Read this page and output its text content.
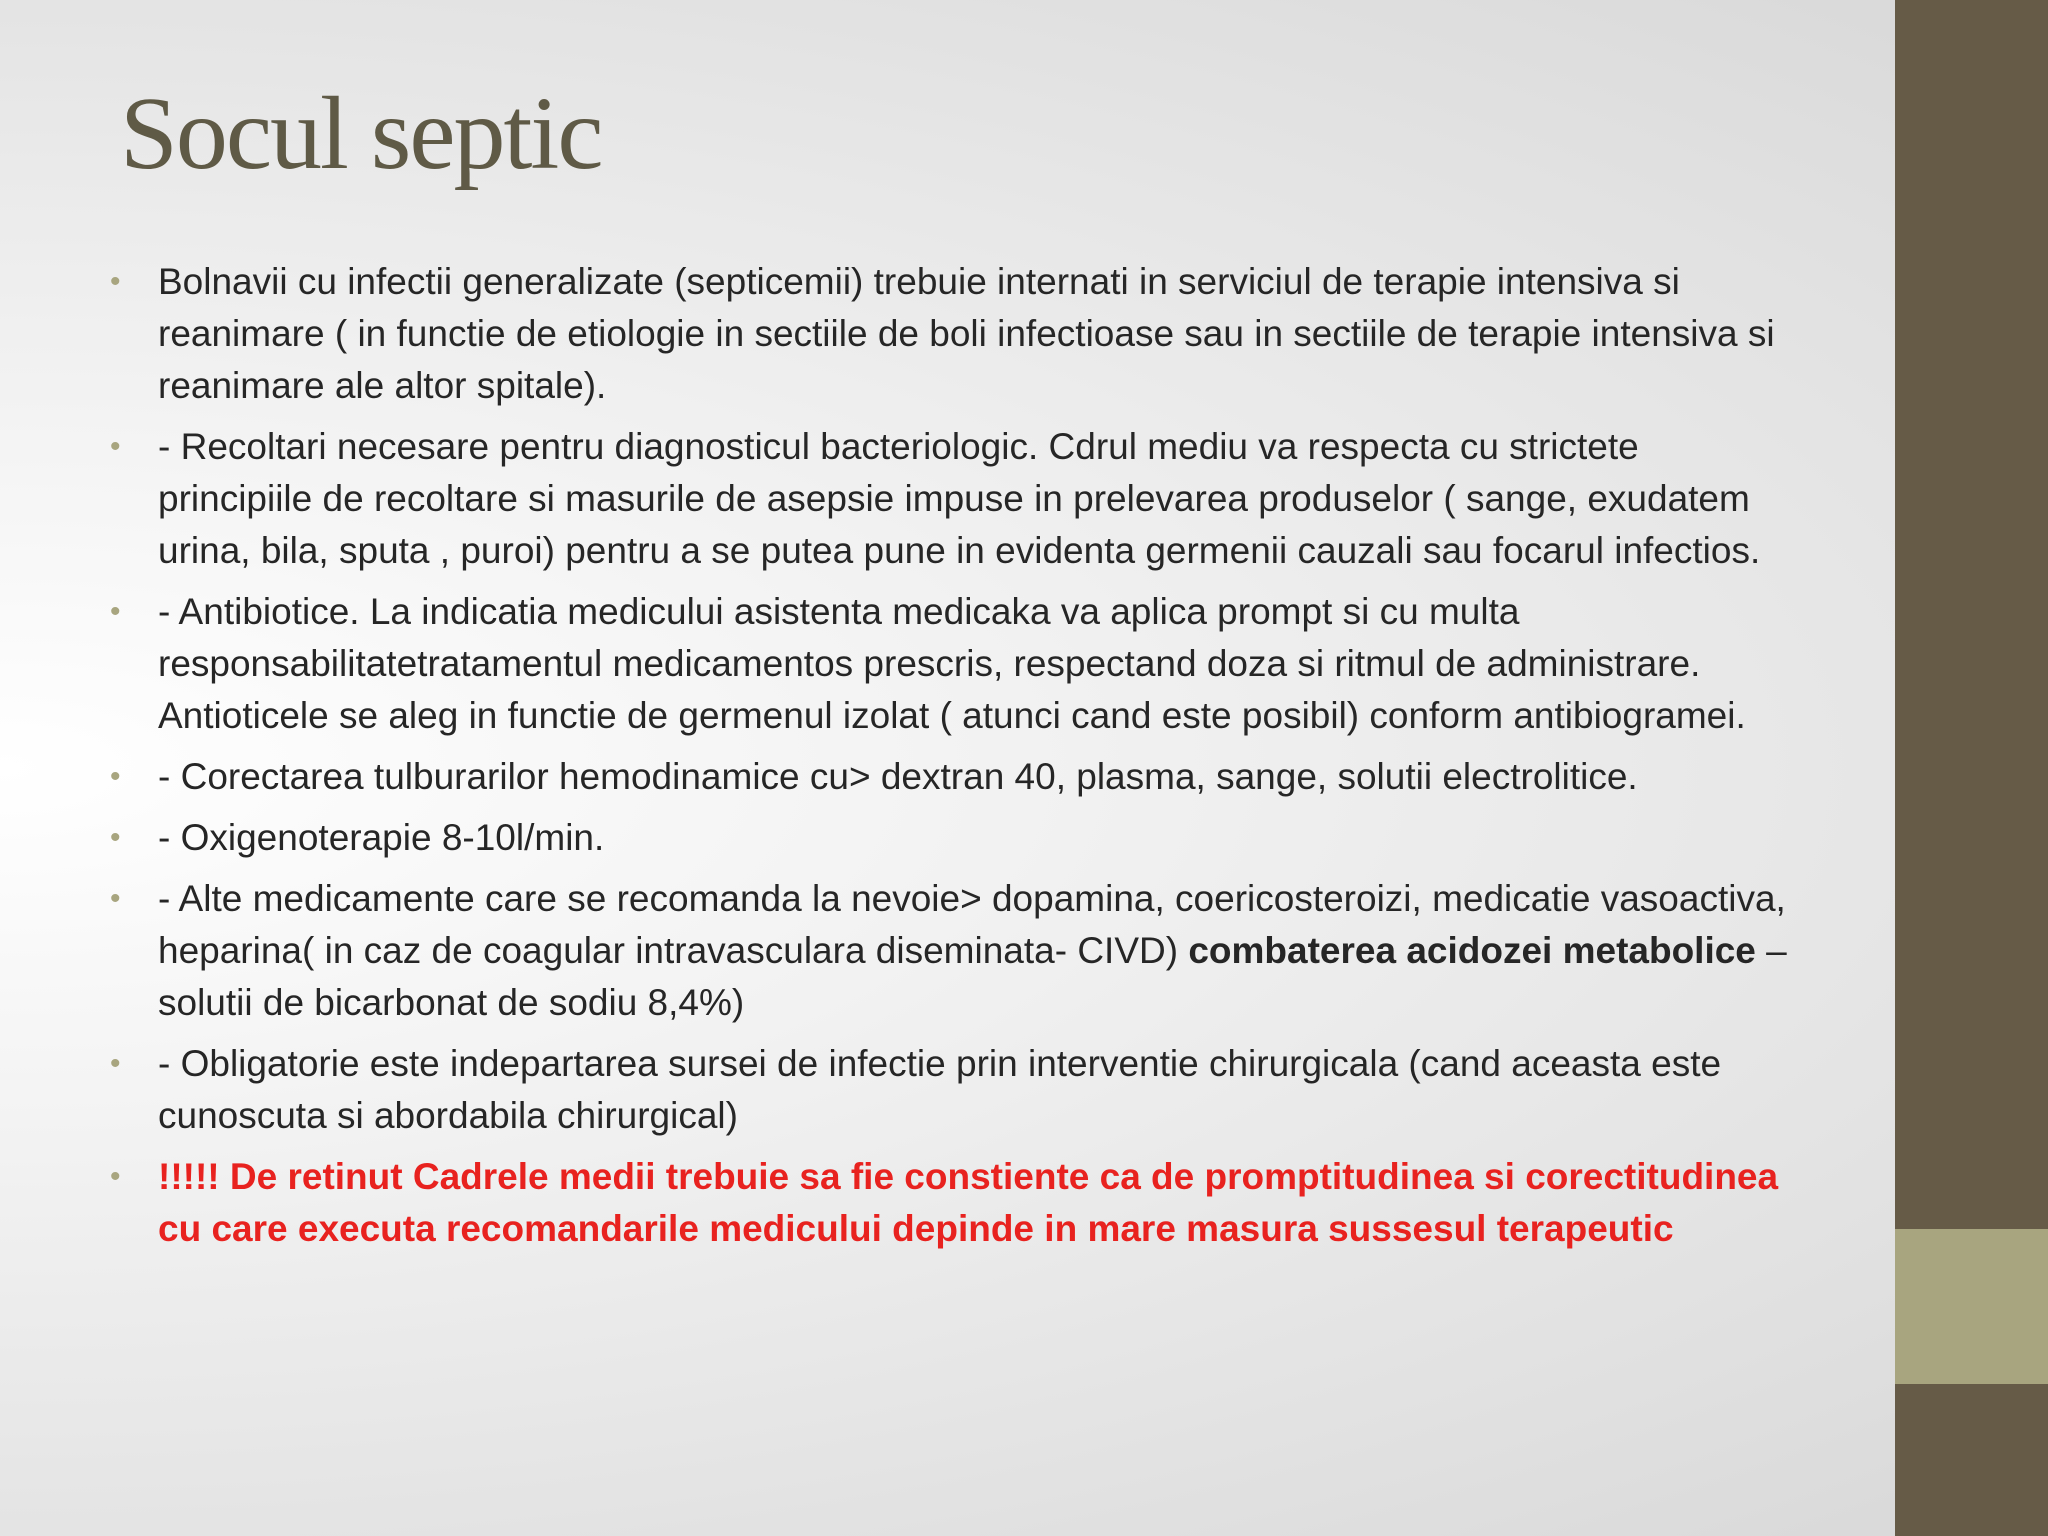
Socul septic
• Bolnavii cu infectii generalizate (septicemii) trebuie internati in serviciul de terapie intensiva si reanimare ( in functie de etiologie in sectiile de boli infectioase sau in sectiile de terapie intensiva si reanimare ale altor spitale).
• - Recoltari necesare pentru diagnosticul bacteriologic. Cdrul mediu va respecta cu strictete principiile de recoltare si masurile de asepsie impuse in prelevarea produselor ( sange, exudatem urina, bila, sputa , puroi) pentru a se putea pune in evidenta germenii cauzali sau focarul infectios.
• - Antibiotice. La indicatia medicului asistenta medicaka va aplica prompt si cu multa responsabilitatetratamentul medicamentos prescris, respectand doza si ritmul de administrare. Antioticele se aleg in functie de germenul izolat ( atunci cand este posibil) conform antibiogramei.
• - Corectarea tulburarilor hemodinamice cu> dextran 40, plasma, sange, solutii electrolitice.
• - Oxigenoterapie 8-10l/min.
• - Alte medicamente care se recomanda la nevoie> dopamina, coericosteroizi, medicatie vasoactiva, heparina( in caz de coagular intravasculara diseminata- CIVD) combaterea acidozei metabolice –solutii de bicarbonat de sodiu 8,4%)
• - Obligatorie este indepartarea sursei de infectie prin interventie chirurgicala (cand aceasta este cunoscuta si abordabila chirurgical)
• !!!!! De retinut Cadrele medii trebuie sa fie constiente ca de promptitudinea si corectitudinea cu care executa recomandarile medicului depinde in mare masura sussesul terapeutic
